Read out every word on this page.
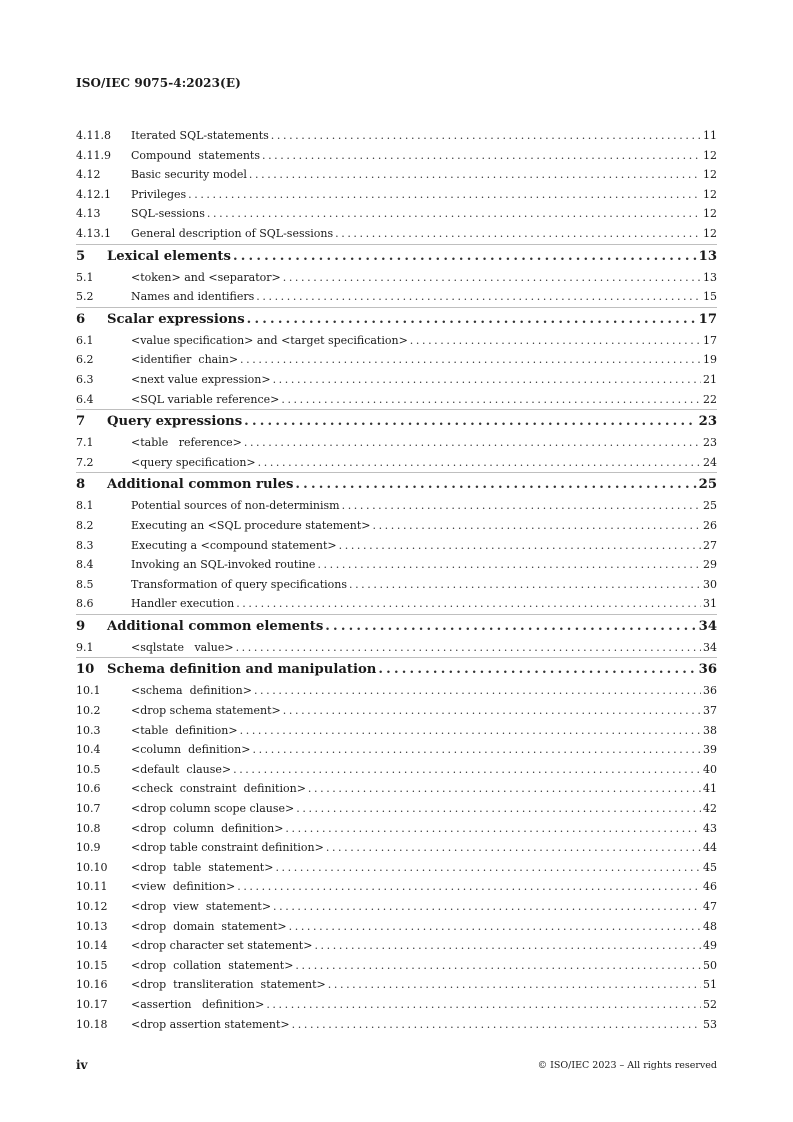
ISO/IEC 9075-4:2023(E)
4.11.8	Iterated SQL-statements .....	11
4.11.9	Compound  statements .....	12
4.12	Basic security model .....	12
4.12.1	Privileges .....	12
4.13	SQL-sessions .....	12
4.13.1	General description of SQL-sessions .....	12
5	Lexical elements .....	13
5.1	<token> and <separator> .....	13
5.2	Names and identifiers .....	15
6	Scalar expressions .....	17
6.1	<value specification> and <target specification> .....	17
6.2	<identifier  chain> .....	19
6.3	<next value expression> .....	21
6.4	<SQL variable reference> .....	22
7	Query expressions .....	23
7.1	<table   reference> .....	23
7.2	<query specification> .....	24
8	Additional common rules .....	25
8.1	Potential sources of non-determinism .....	25
8.2	Executing an <SQL procedure statement> .....	26
8.3	Executing a <compound statement> .....	27
8.4	Invoking an SQL-invoked routine .....	29
8.5	Transformation of query specifications .....	30
8.6	Handler execution .....	31
9	Additional common elements .....	34
9.1	<sqlstate   value> .....	34
10 Schema definition and manipulation .....	36
10.1	<schema  definition> .....	36
10.2	<drop schema statement> .....	37
10.3	<table  definition> .....	38
10.4	<column  definition> .....	39
10.5	<default  clause> .....	40
10.6	<check  constraint  definition> .....	41
10.7	<drop column scope clause> .....	42
10.8	<drop  column  definition> .....	43
10.9	<drop table constraint definition> .....	44
10.10	<drop  table  statement> .....	45
10.11	<view  definition> .....	46
10.12	<drop  view  statement> .....	47
10.13	<drop  domain  statement> .....	48
10.14	<drop character set statement> .....	49
10.15	<drop  collation  statement> .....	50
10.16	<drop  transliteration  statement> .....	51
10.17	<assertion   definition> .....	52
10.18	<drop assertion statement> .....	53
iv	© ISO/IEC 2023 – All rights reserved
